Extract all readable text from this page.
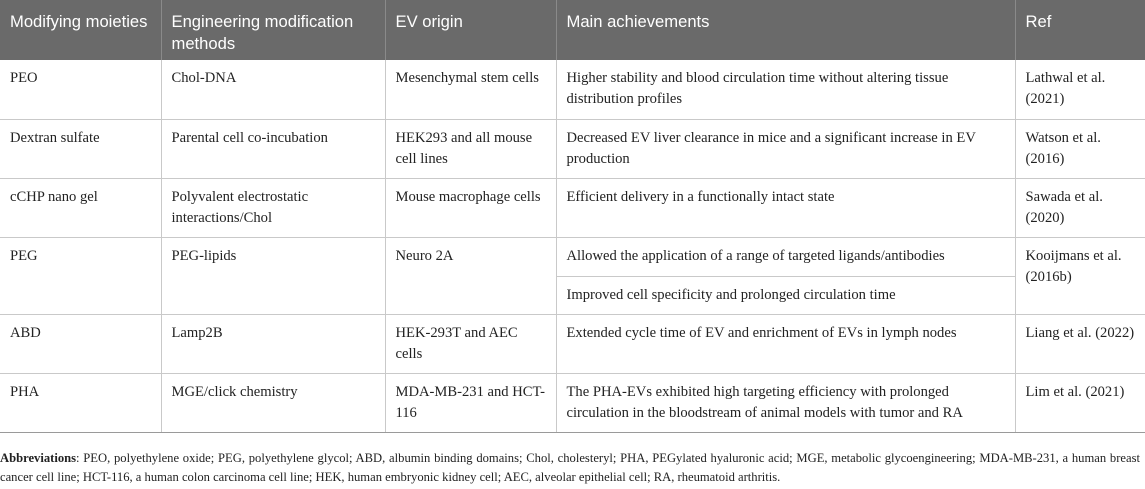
Modifying moieties	Engineering modification methods	EV origin	Main achievements	Ref
PEO	Chol-DNA	Mesenchymal stem cells	Higher stability and blood circulation time without altering tissue distribution profiles	Lathwal et al. (2021)
Dextran sulfate	Parental cell co-incubation	HEK293 and all mouse cell lines	Decreased EV liver clearance in mice and a significant increase in EV production	Watson et al. (2016)
cCHP nano gel	Polyvalent electrostatic interactions/Chol	Mouse macrophage cells	Efficient delivery in a functionally intact state	Sawada et al. (2020)
PEG	PEG-lipids	Neuro 2A	Allowed the application of a range of targeted ligands/antibodies	Kooijmans et al. (2016b)
			Improved cell specificity and prolonged circulation time	
ABD	Lamp2B	HEK-293T and AEC cells	Extended cycle time of EV and enrichment of EVs in lymph nodes	Liang et al. (2022)
PHA	MGE/click chemistry	MDA-MB-231 and HCT-116	The PHA-EVs exhibited high targeting efficiency with prolonged circulation in the bloodstream of animal models with tumor and RA	Lim et al. (2021)
Abbreviations: PEO, polyethylene oxide; PEG, polyethylene glycol; ABD, albumin binding domains; Chol, cholesteryl; PHA, PEGylated hyaluronic acid; MGE, metabolic glycoengineering; MDA-MB-231, a human breast cancer cell line; HCT-116, a human colon carcinoma cell line; HEK, human embryonic kidney cell; AEC, alveolar epithelial cell; RA, rheumatoid arthritis.
